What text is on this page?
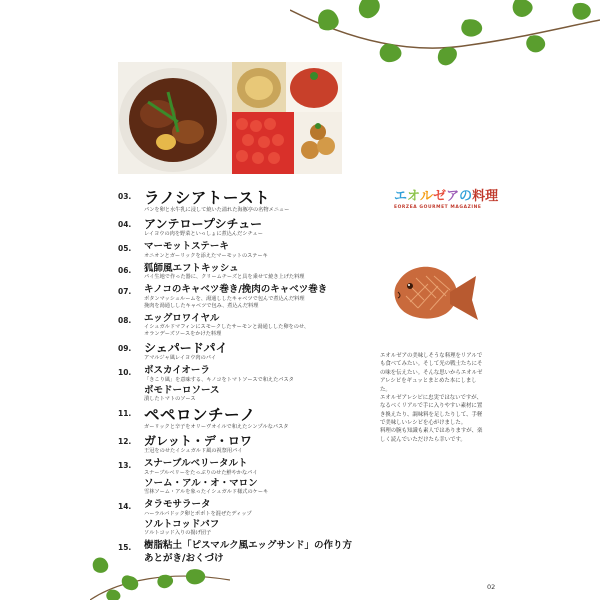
03. ラノシアトースト
パンを卵と水牛乳に浸して焼いた溢れた海豚亭の名物メニュー
04. アンテロープシチュー
レイヨウの肉を野菜といっしょに煮込んだシチュー
05. マーモットステーキ
オニオンとガーリックを添えたマーモットのステーキ
06. 狐師風エフトキッシュ
パイ生地で作った器に、クリームチーズと具を乗せて焼き上げた料理
07. キノコのキャベツ巻き/挽肉のキャベツ巻き
ボタンマッシュルームを、湯通ししたキャベツで包んで煮込んだ料理
挽肉を湯通ししたキャベツで包み、煮込んだ料理
08. エッグロワイヤル
イシュガルドマフィンにスモークしたサーモンと湯通しした卵をのせ、
オランデーズソースをかけた料理
09. シェパードパイ
アマルジャ風レイヨウ肉のパイ
10. ボスカイオーラ
「きこり風」を意味する、キノコをトマトソースで和えたパスタ
ボモドーロソース
潰したトマトのソース
11. ペペロンチーノ
ガーリックと辛子をオリーヴオイルで和えたシンプルなパスタ
12. ガレット・デ・ロワ
王冠をのせたイシュガルド風の祝祭用パイ
13. スナーブルベリータルト
スナーブルベリーをたっぷりのせた鮮やかなパイ
ソーム・アル・オ・マロン
雪林ソーム・アルを象ったイシュガルド様式のケーキ
14. タラモサラータ
ハーラルバドック卵とポポトを混ぜたディップ
ソルトコッドパフ
ソルトコッド入りの揚げ団子
15. 樹脂粘土「ピスマルク風エッグサンド」の作り方
あとがき/おくづけ
エオルゼアの料理
EORZEA GOURMET MAGAZINE

エオルゼアの美味しそうな料理をリアルでも食べてみたい。そして光の戦士たちにその味を伝えたい。そんな思いからエオルゼアレシピをギュッとまとめた本にしました。

エオルゼアレシピに忠実ではないですが、なるべくリアルで手に入りやすい素材に置き換えたり、調味料を足したりして、手軽で美味しいレシピを心がけました。

料理の腕も知識も素人ではありますが、楽しく読んでいただけたら幸いです。

02
